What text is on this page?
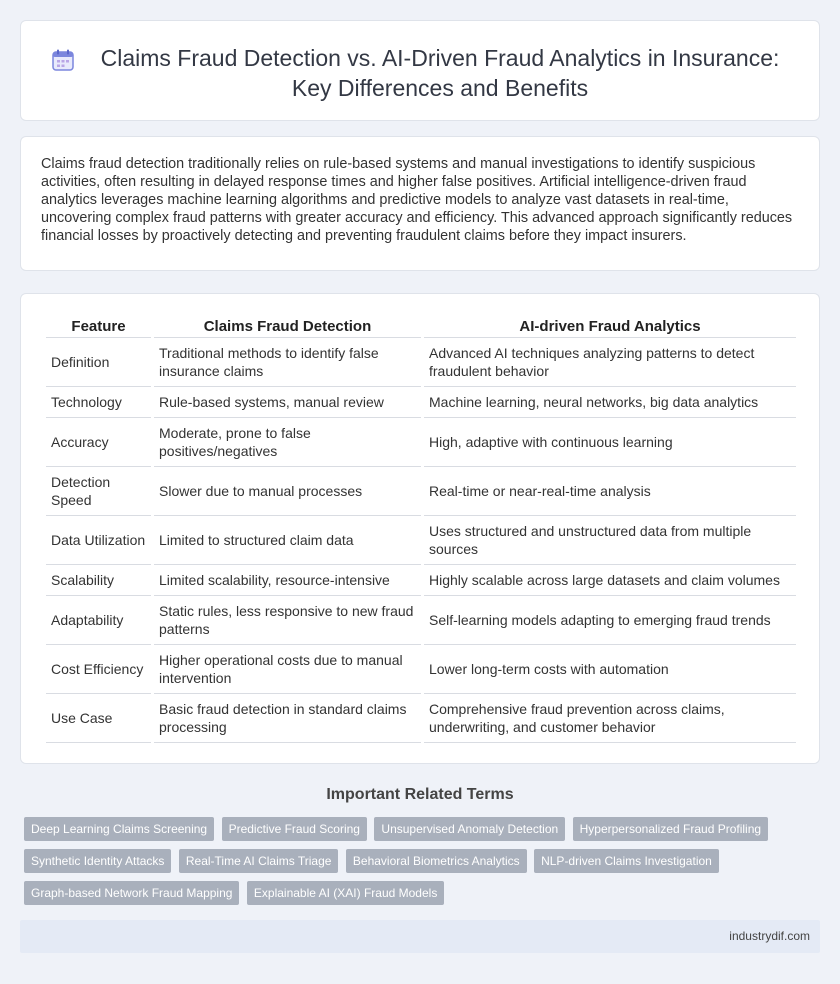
Claims Fraud Detection vs. AI-Driven Fraud Analytics in Insurance: Key Differences and Benefits

Claims fraud detection traditionally relies on rule-based systems and manual investigations to identify suspicious activities, often resulting in delayed response times and higher false positives. Artificial intelligence-driven fraud analytics leverages machine learning algorithms and predictive models to analyze vast datasets in real-time, uncovering complex fraud patterns with greater accuracy and efficiency. This advanced approach significantly reduces financial losses by proactively detecting and preventing fraudulent claims before they impact insurers.

Feature	Claims Fraud Detection	AI-driven Fraud Analytics
Definition	Traditional methods to identify false insurance claims	Advanced AI techniques analyzing patterns to detect fraudulent behavior
Technology	Rule-based systems, manual review	Machine learning, neural networks, big data analytics
Accuracy	Moderate, prone to false positives/negatives	High, adaptive with continuous learning
Detection Speed	Slower due to manual processes	Real-time or near-real-time analysis
Data Utilization	Limited to structured claim data	Uses structured and unstructured data from multiple sources
Scalability	Limited scalability, resource-intensive	Highly scalable across large datasets and claim volumes
Adaptability	Static rules, less responsive to new fraud patterns	Self-learning models adapting to emerging fraud trends
Cost Efficiency	Higher operational costs due to manual intervention	Lower long-term costs with automation
Use Case	Basic fraud detection in standard claims processing	Comprehensive fraud prevention across claims, underwriting, and customer behavior
Important Related Terms
Deep Learning Claims Screening Predictive Fraud Scoring Unsupervised Anomaly Detection Hyperpersonalized Fraud Profiling Synthetic Identity Attacks Real-Time AI Claims Triage Behavioral Biometrics Analytics NLP-driven Claims Investigation Graph-based Network Fraud Mapping Explainable AI (XAI) Fraud Models
industrydif.com
